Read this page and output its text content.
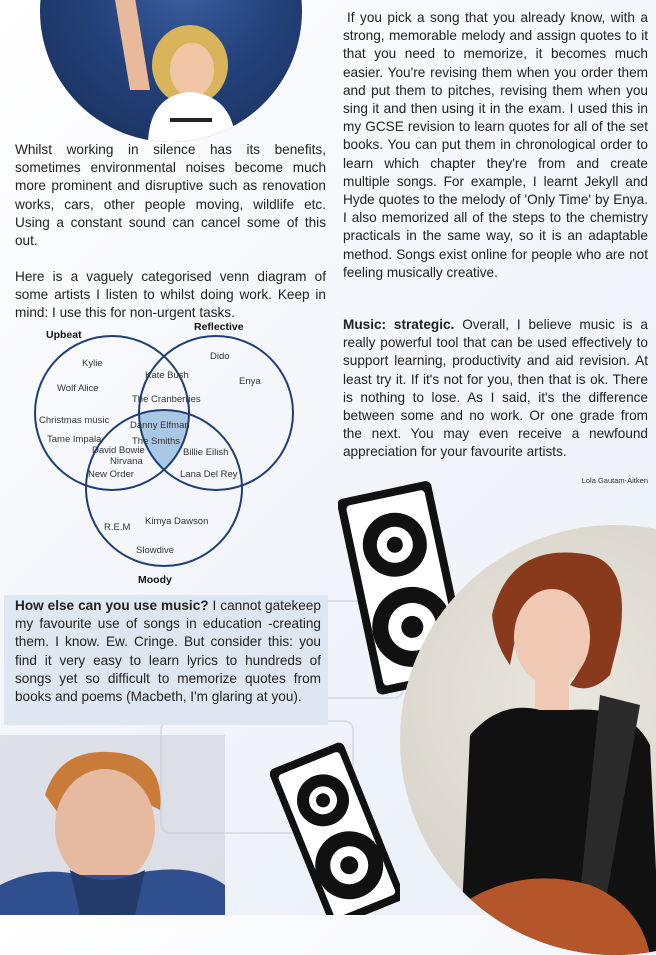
Whilst working in silence has its benefits, sometimes environmental noises become much more prominent and disruptive such as renovation works, cars, other people moving, wildlife etc. Using a constant sound can cancel some of this out.

Here is a vaguely categorised venn diagram of some artists I listen to whilst doing work. Keep in mind: I use this for non-urgent tasks.

Upbeat
Reflective
Moody
Kylie
Wolf Alice
Christmas music
Tame Impala
Kate Bush
Dido
Enya
The Cranberries
Danny Elfman
The Smiths
David Bowie
Nirvana
Billie Eilish
New Order	Lana Del Rey
R.E.M
Kimya Dawson
Slowdive

How else can you use music? I cannot gatekeep my favourite use of songs in education -creating them. I know. Ew. Cringe. But consider this: you find it very easy to learn lyrics to hundreds of songs yet so difficult to memorize quotes from books and poems (Macbeth, I'm glaring at you).

If you pick a song that you already know, with a strong, memorable melody and assign quotes to it that you need to memorize, it becomes much easier. You're revising them when you order them and put them to pitches, revising them when you sing it and then using it in the exam. I used this in my GCSE revision to learn quotes for all of the set books. You can put them in chronological order to learn which chapter they're from and create multiple songs. For example, I learnt Jekyll and Hyde quotes to the melody of 'Only Time' by Enya. I also memorized all of the steps to the chemistry practicals in the same way, so it is an adaptable method. Songs exist online for people who are not feeling musically creative.

Music: strategic. Overall, I believe music is a really powerful tool that can be used effectively to support learning, productivity and aid revision. At least try it. If it's not for you, then that is ok. There is nothing to lose. As I said, it's the difference between some and no work. Or one grade from the next. You may even receive a newfound appreciation for your favourite artists.

Lola Gautam-Aitken
